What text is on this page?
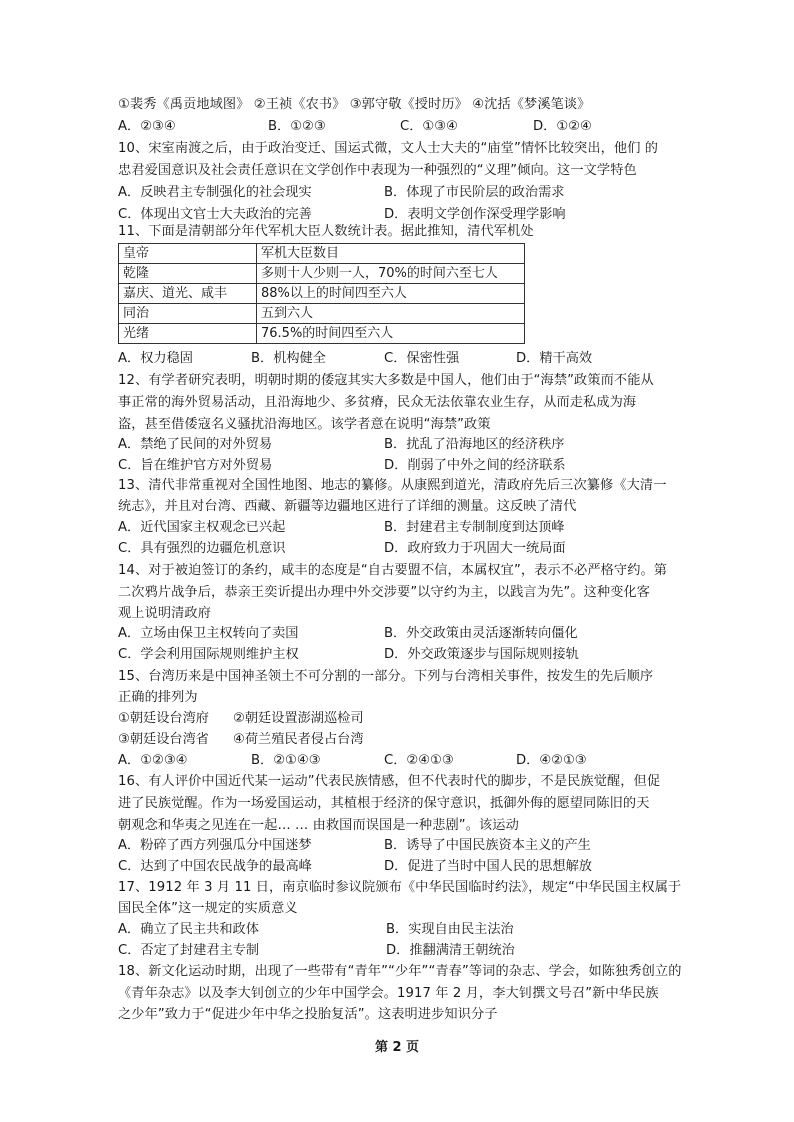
①裴秀《禹贡地域图》 ②王祯《农书》 ③郭守敬《授时历》 ④沈括《梦溪笔谈》
A．②③④	B．①②③	C．①③④	D．①②④
10、宋室南渡之后，由于政治变迁、国运式微，文人士大夫的“庙堂”情怀比较突出，他们 的
忠君爱国意识及社会责任意识在文学创作中表现为一种强烈的“义理”倾向。这一文学特色
A．反映君主专制强化的社会现实	B．体现了市民阶层的政治需求
C．体现出文官士大夫政治的完善	D．表明文学创作深受理学影响
11、下面是清朝部分年代军机大臣人数统计表。据此推知，清代军机处
皇帝	军机大臣数目
乾隆	多则十人少则一人，70%的时间六至七人
嘉庆、道光、咸丰	88%以上的时间四至六人
同治	五到六人
光绪	76.5%的时间四至六人
A．权力稳固	B．机构健全	C．保密性强	D．精干高效
12、有学者研究表明，明朝时期的倭寇其实大多数是中国人，他们由于“海禁”政策而不能从
事正常的海外贸易活动，且沿海地少、多贫瘠，民众无法依靠农业生存，从而走私成为海
盗，甚至借倭寇名义骚扰沿海地区。该学者意在说明“海禁”政策
A．禁绝了民间的对外贸易	B．扰乱了沿海地区的经济秩序
C．旨在维护官方对外贸易	D．削弱了中外之间的经济联系
13、清代非常重视对全国性地图、地志的纂修。从康熙到道光，清政府先后三次纂修《大清一
统志》，并且对台湾、西藏、新疆等边疆地区进行了详细的测量。这反映了清代
A．近代国家主权观念已兴起	B．封建君主专制制度到达顶峰
C．具有强烈的边疆危机意识	D．政府致力于巩固大一统局面
14、对于被迫签订的条约，咸丰的态度是“自古要盟不信，本属权宜”，表示不必严格守约。第
二次鸦片战争后，恭亲王奕䜣提出办理中外交涉要”以守约为主，以践言为先”。这种变化客
观上说明清政府
A．立场由保卫主权转向了卖国	B．外交政策由灵活逐渐转向僵化
C．学会利用国际规则维护主权	D．外交政策逐步与国际规则接轨
15、台湾历来是中国神圣领土不可分割的一部分。下列与台湾相关事件，按发生的先后顺序
正确的排列为
①朝廷设台湾府 ②朝廷设置澎湖巡检司
③朝廷设台湾省 ④荷兰殖民者侵占台湾
A．①②③④	B．②①④③	C．②④①③	D．④②①③
16、有人评价中国近代某一运动”代表民族情感，但不代表时代的脚步，不是民族觉醒，但促
进了民族觉醒。作为一场爱国运动，其植根于经济的保守意识，抵御外侮的愿望同陈旧的天
朝观念和华夷之见连在一起… … 由救国而误国是一种悲剧”。该运动
A．粉碎了西方列强瓜分中国迷梦	B．诱导了中国民族资本主义的产生
C．达到了中国农民战争的最高峰	D．促进了当时中国人民的思想解放
17、1912 年 3 月 11 日，南京临时参议院颁布《中华民国临时约法》，规定“中华民国主权属于
国民全体”这一规定的实质意义
A．确立了民主共和政体	B．实现自由民主法治
C．否定了封建君主专制	D．推翻满清王朝统治
18、新文化运动时期，出现了一些带有“青年”“少年”“青春”等词的杂志、学会，如陈独秀创立的
《青年杂志》以及李大钊创立的少年中国学会。1917 年 2 月，李大钊撰文号召”新中华民族
之少年”致力于“促进少年中华之投胎复活”。这表明进步知识分子
第 2 页
